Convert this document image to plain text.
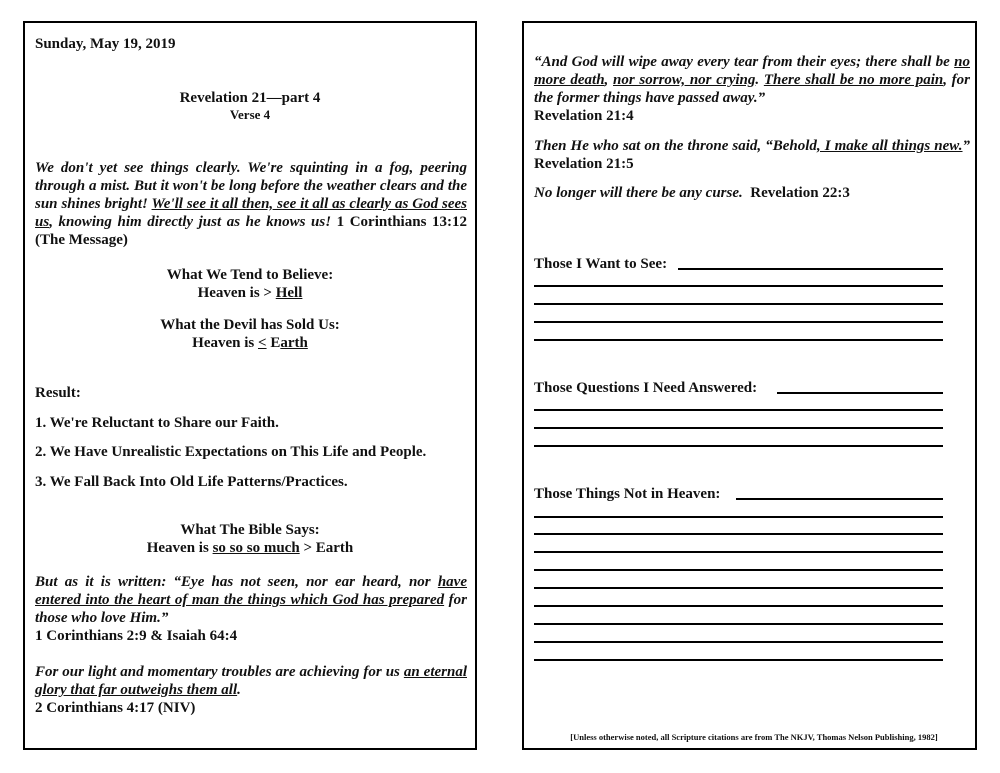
Sunday, May 19, 2019

Revelation 21—part 4

Verse 4

We don't yet see things clearly. We're squinting in a fog, peering through a mist. But it won't be long before the weather clears and the sun shines bright! We'll see it all then, see it all as clearly as God sees us, knowing him directly just as he knows us! 1 Corinthians 13:12 (The Message)

What We Tend to Believe:

Heaven is > Hell

What the Devil has Sold Us:

Heaven is < Earth

Result:

1. We're Reluctant to Share our Faith.

2. We Have Unrealistic Expectations on This Life and People.

3. We Fall Back Into Old Life Patterns/Practices.

What The Bible Says:

Heaven is so so so much > Earth

But as it is written: “Eye has not seen, nor ear heard, nor have entered into the heart of man the things which God has prepared for those who love Him.”

1 Corinthians 2:9 & Isaiah 64:4

For our light and momentary troubles are achieving for us an eternal glory that far outweighs them all.

2 Corinthians 4:17 (NIV)

“And God will wipe away every tear from their eyes; there shall be no more death, nor sorrow, nor crying. There shall be no more pain, for the former things have passed away.”

Revelation 21:4

Then He who sat on the throne said, “Behold, I make all things new.” Revelation 21:5

No longer will there be any curse.  Revelation 22:3

Those I Want to See:

Those Questions I Need Answered:

Those Things Not in Heaven:

[Unless otherwise noted, all Scripture citations are from The NKJV, Thomas Nelson Publishing, 1982]
